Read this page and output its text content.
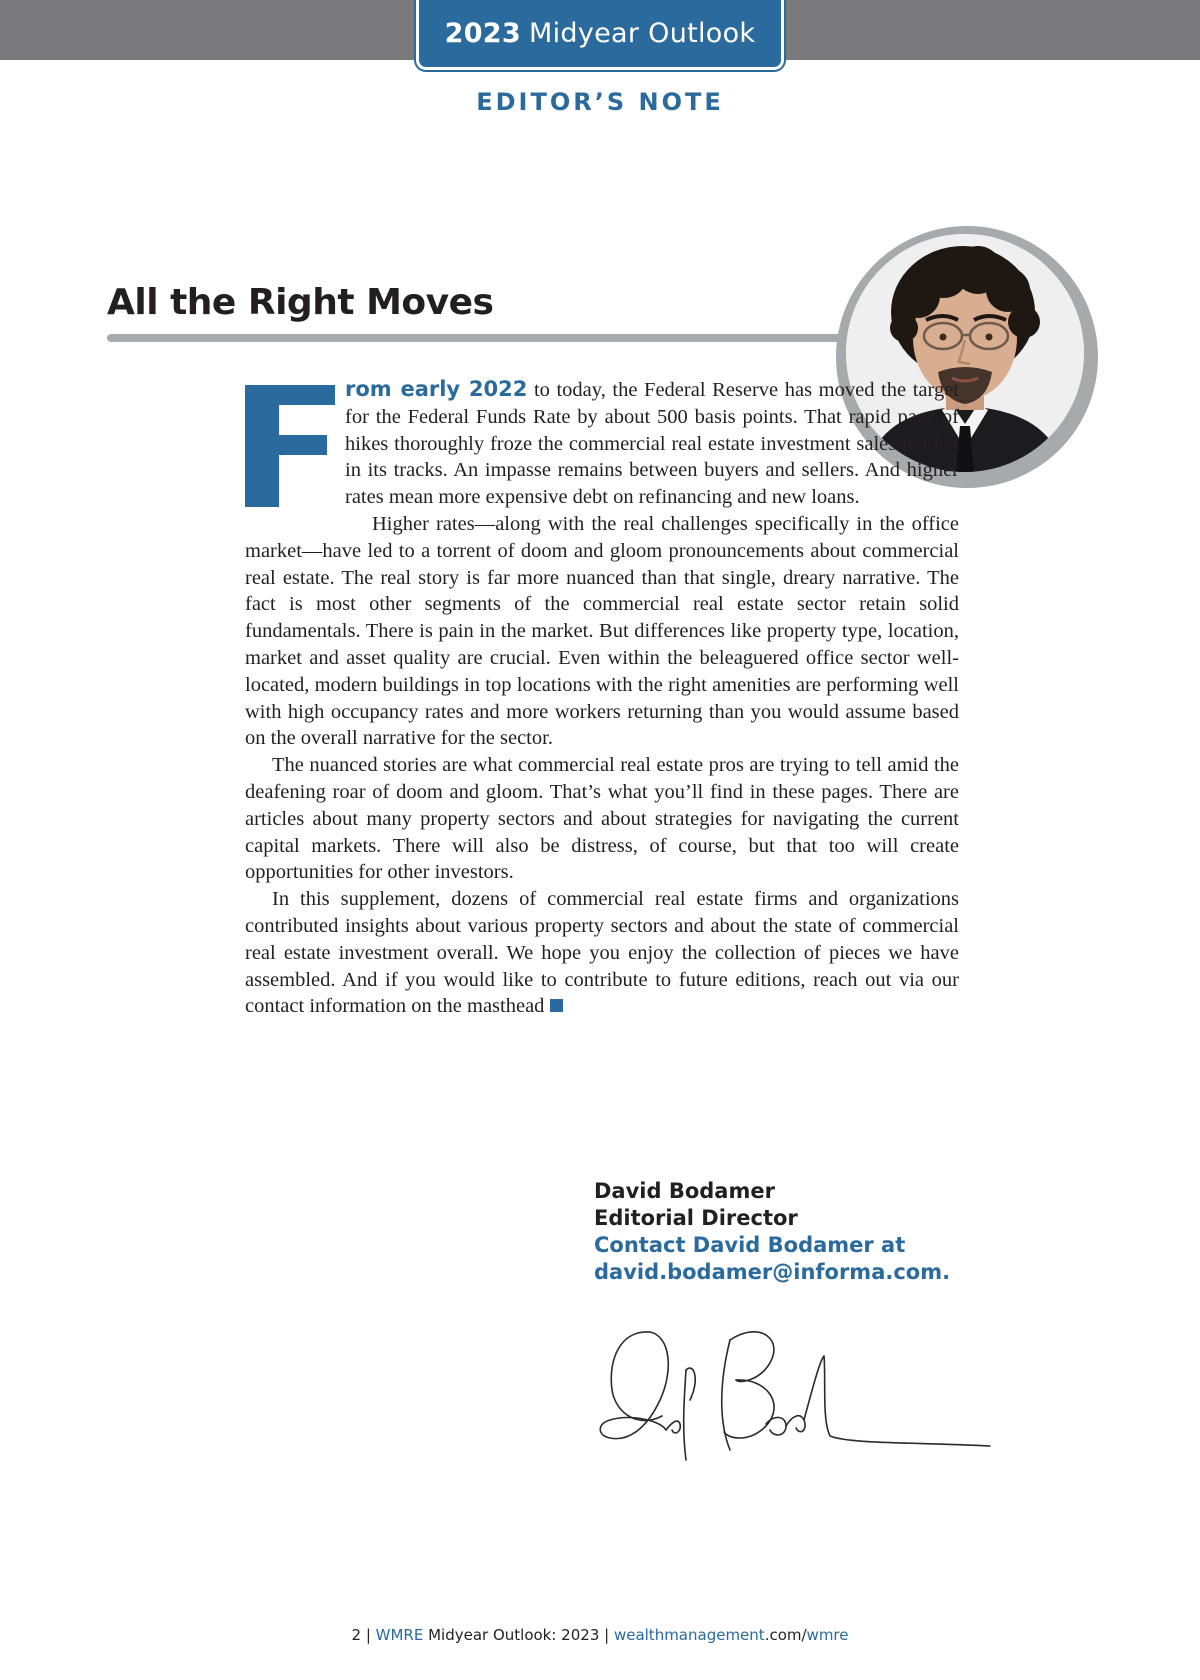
2023 Midyear Outlook
EDITOR’S NOTE
All the Right Moves

rom early 2022 to today, the Federal Reserve has moved the target for the Federal Funds Rate by about 500 basis points. That rapid pace of hikes thoroughly froze the commercial real estate investment sales market in its tracks. An impasse remains between buyers and sellers. And higher rates mean more expensive debt on refinancing and new loans.

Higher rates—along with the real challenges specifically in the office market—have led to a torrent of doom and gloom pronouncements about commercial real estate. The real story is far more nuanced than that single, dreary narrative. The fact is most other segments of the commercial real estate sector retain solid fundamentals. There is pain in the market. But differences like property type, location, market and asset quality are crucial. Even within the beleaguered office sector well-located, modern buildings in top locations with the right amenities are performing well with high occupancy rates and more workers returning than you would assume based on the overall narrative for the sector.

The nuanced stories are what commercial real estate pros are trying to tell amid the deafening roar of doom and gloom. That’s what you’ll find in these pages. There are articles about many property sectors and about strategies for navigating the current capital markets. There will also be distress, of course, but that too will create opportunities for other investors.

In this supplement, dozens of commercial real estate firms and organizations contributed insights about various property sectors and about the state of commercial real estate investment overall. We hope you enjoy the collection of pieces we have assembled. And if you would like to contribute to future editions, reach out via our contact information on the masthead

David Bodamer
Editorial Director
Contact David Bodamer at
david.bodamer@informa.com.
2 | WMRE Midyear Outlook: 2023 | wealthmanagement.com/wmre
